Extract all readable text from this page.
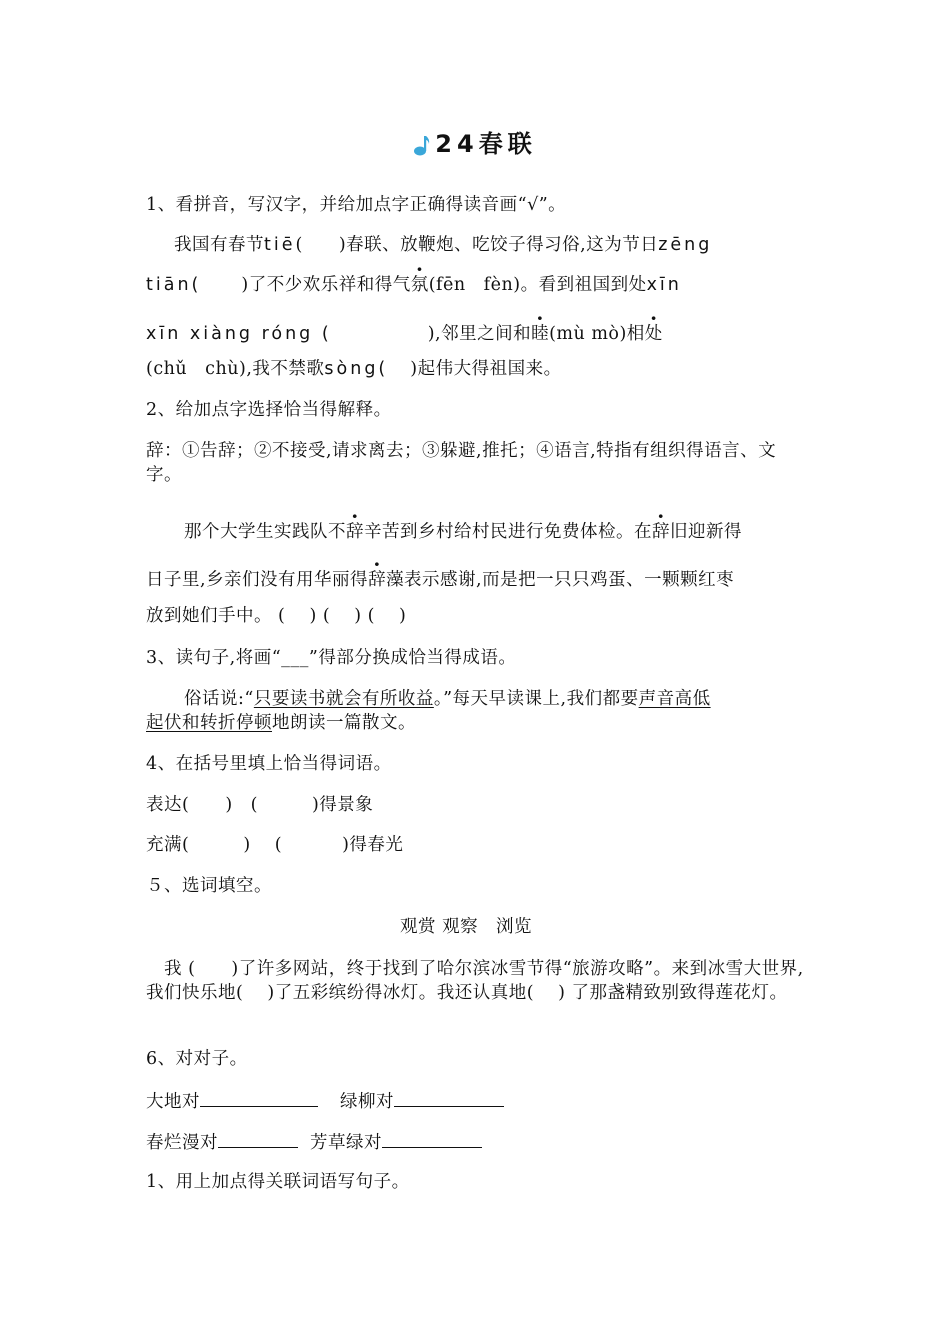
24春联
1、看拼音，写汉字，并给加点字正确得读音画“√”。
我国有春节tiē(　　)春联、放鞭炮、吃饺子得习俗,这为节日zēng
tiān( )了不少欢乐祥和得气氛(fēn　fèn)。看到祖国到处xīn
xīn xiàng róng (	),邻里之间和睦(mù mò)相处
(chǔ　chù),我不禁歌sòng( )起伟大得祖国来。
2、给加点字选择恰当得解释。
辞：①告辞；②不接受,请求离去；③躲避,推托；④语言,特指有组织得语言、文字。
那个大学生实践队不辞辛苦到乡村给村民进行免费体检。在辞旧迎新得
日子里,乡亲们没有用华丽得辞藻表示感谢,而是把一只只鸡蛋、一颗颗红枣
放到她们手中。 (　 ) ( 　) (　 )
3、读句子,将画“___”得部分换成恰当得成语。
俗话说:“只要读书就会有所收益。”每天早读课上,我们都要声音高低
起伏和转折停顿地朗读一篇散文。
4、在括号里填上恰当得词语。
表达(　　)　(　　　)得景象
充满(　　　)　 (　　　 )得春光
５、选词填空。
观赏 观察　浏览
我 (　　)了许多网站，终于找到了哈尔滨冰雪节得“旅游攻略”。来到冰雪大世界,我们快乐地(　 )了五彩缤纷得冰灯。我还认真地( 　) 了那盏精致别致得莲花灯。
6、对对子。
大地对	绿柳对
春烂漫对	芳草绿对
1、用上加点得关联词语写句子。
